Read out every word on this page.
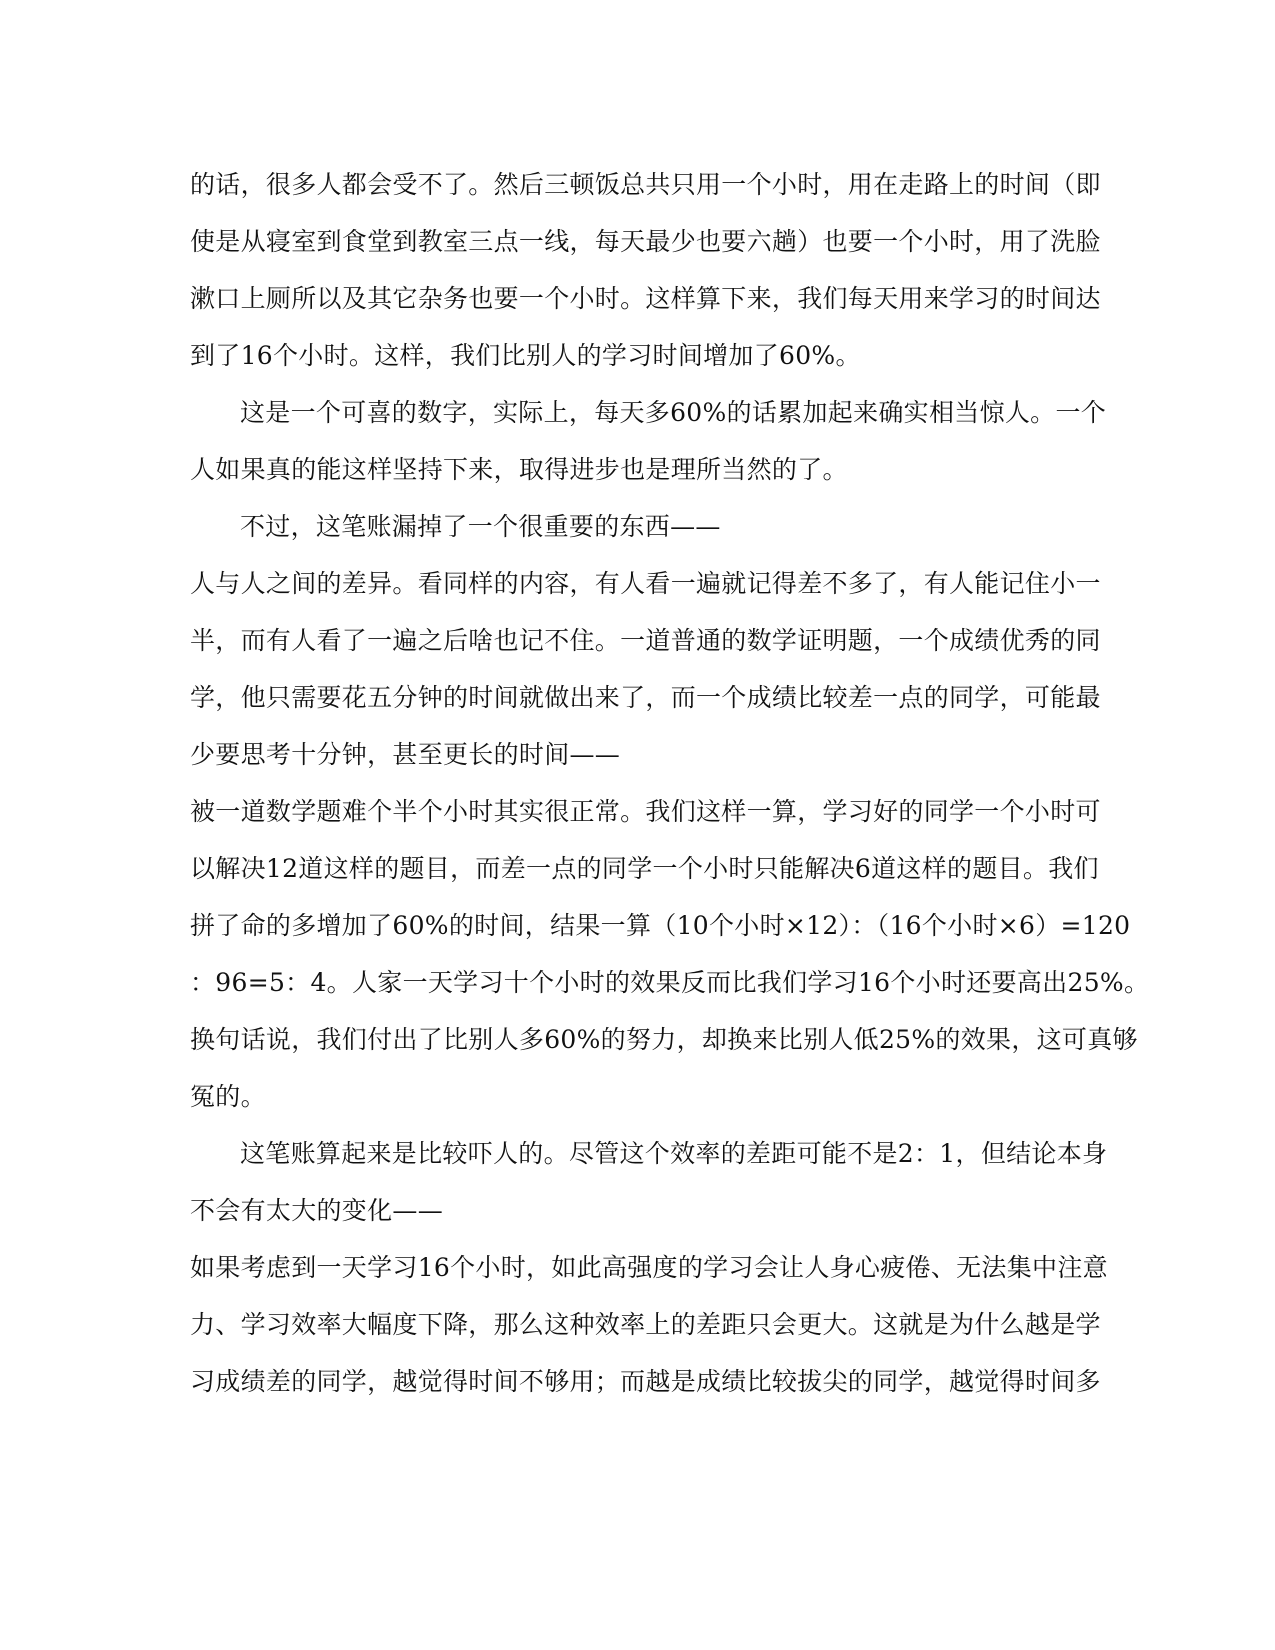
的话，很多人都会受不了。然后三顿饭总共只用一个小时，用在走路上的时间（即

使是从寝室到食堂到教室三点一线，每天最少也要六趟）也要一个小时，用了洗脸

漱口上厕所以及其它杂务也要一个小时。这样算下来，我们每天用来学习的时间达

到了16个小时。这样，我们比别人的学习时间增加了60%。

这是一个可喜的数字，实际上，每天多60%的话累加起来确实相当惊人。一个

人如果真的能这样坚持下来，取得进步也是理所当然的了。

不过，这笔账漏掉了一个很重要的东西——

人与人之间的差异。看同样的内容，有人看一遍就记得差不多了，有人能记住小一

半，而有人看了一遍之后啥也记不住。一道普通的数学证明题，一个成绩优秀的同

学，他只需要花五分钟的时间就做出来了，而一个成绩比较差一点的同学，可能最

少要思考十分钟，甚至更长的时间——

被一道数学题难个半个小时其实很正常。我们这样一算，学习好的同学一个小时可

以解决12道这样的题目，而差一点的同学一个小时只能解决6道这样的题目。我们

拼了命的多增加了60%的时间，结果一算（10个小时×12）：（16个小时×6）=120

：96=5：4。人家一天学习十个小时的效果反而比我们学习16个小时还要高出25%。

换句话说，我们付出了比别人多60%的努力，却换来比别人低25%的效果，这可真够

冤的。

这笔账算起来是比较吓人的。尽管这个效率的差距可能不是2：1，但结论本身

不会有太大的变化——

如果考虑到一天学习16个小时，如此高强度的学习会让人身心疲倦、无法集中注意

力、学习效率大幅度下降，那么这种效率上的差距只会更大。这就是为什么越是学

习成绩差的同学，越觉得时间不够用；而越是成绩比较拔尖的同学，越觉得时间多
